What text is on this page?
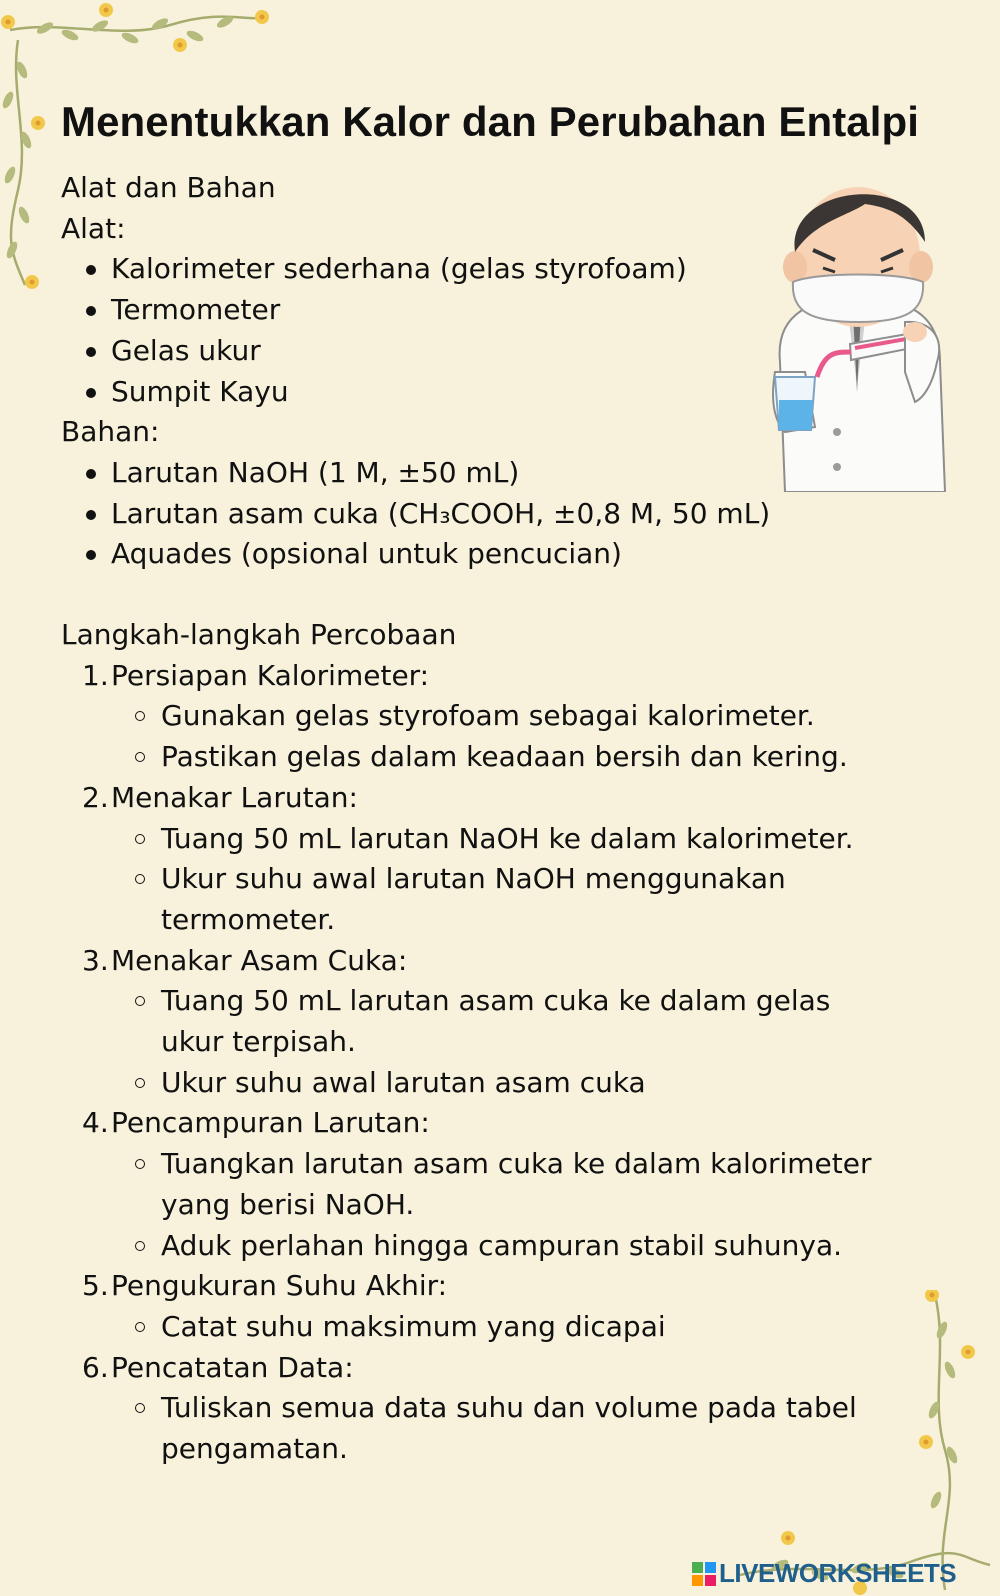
Menentukkan Kalor dan Perubahan Entalpi
Alat dan Bahan
Alat:
Kalorimeter sederhana (gelas styrofoam)
Termometer
Gelas ukur
Sumpit Kayu
Bahan:
Larutan NaOH (1 M, ±50 mL)
Larutan asam cuka (CH₃COOH, ±0,8 M, 50 mL)
Aquades (opsional untuk pencucian)
Langkah-langkah Percobaan
1. Persiapan Kalorimeter:
Gunakan gelas styrofoam sebagai kalorimeter.
Pastikan gelas dalam keadaan bersih dan kering.
2. Menakar Larutan:
Tuang 50 mL larutan NaOH ke dalam kalorimeter.
Ukur suhu awal larutan NaOH menggunakan termometer.
3. Menakar Asam Cuka:
Tuang 50 mL larutan asam cuka ke dalam gelas ukur terpisah.
Ukur suhu awal larutan asam cuka
4. Pencampuran Larutan:
Tuangkan larutan asam cuka ke dalam kalorimeter yang berisi NaOH.
Aduk perlahan hingga campuran stabil suhunya.
5. Pengukuran Suhu Akhir:
Catat suhu maksimum yang dicapai
6. Pencatatan Data:
Tuliskan semua data suhu dan volume pada tabel pengamatan.
LIVEWORKSHEETS
